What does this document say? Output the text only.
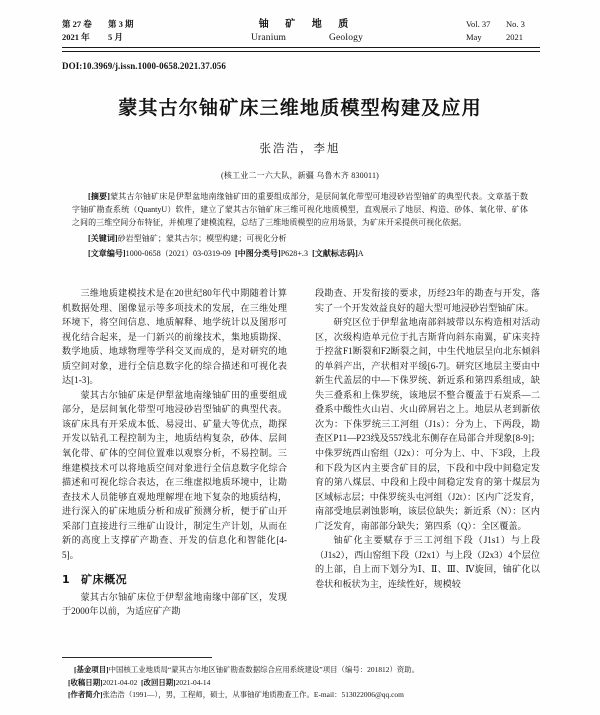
第 27 卷	第 3 期
2021 年	5 月
铀 矿 地 质
Uranium	Geology
Vol. 37	No. 3
May	2021
DOI:10.3969/j.issn.1000-0658.2021.37.056
蒙其古尔铀矿床三维地质模型构建及应用
张浩浩，李旭
(核工业二一六大队，新疆 乌鲁木齐 830011)

[摘要]蒙其古尔铀矿床是伊犁盆地南缘铀矿田的重要组成部分，是层间氧化带型可地浸砂岩型铀矿的典型代表。文章基于数字铀矿勘查系统（QuantyU）软件，建立了蒙其古尔铀矿床三维可视化地质模型，直观展示了地层、构造、砂体、氧化带、矿体之间的三维空间分布特征，并梳理了建模流程，总结了三维地质模型的应用场景，为矿床开采提供可视化依据。

[关键词]砂岩型铀矿；蒙其古尔；模型构建；可视化分析

[文章编号]1000-0658（2021）03-0319-09 [中图分类号]P628+.3 [文献标志码]A

三维地质建模技术是在20世纪80年代中期随着计算机数据处理、图像显示等多项技术的发展，在三维处理环境下，将空间信息、地质解释、地学统计以及图形可视化结合起来，是一门新兴的前缘技术，集地质勘探、数学地质、地球物理等学科交叉而成的，是对研究的地质空间对象，进行全信息数字化的综合描述和可视化表达[1-3]。

蒙其古尔铀矿床是伊犁盆地南缘铀矿田的重要组成部分，是层间氧化带型可地浸砂岩型铀矿的典型代表。该矿床具有开采成本低、易浸出、矿量大等优点，勘探开发以钻孔工程控制为主，地质结构复杂，砂体、层间氧化带、矿体的空间位置难以观察分析，不易控制。三维建模技术可以将地质空间对象进行全信息数字化综合描述和可视化综合表达，在三维虚拟地质环境中，让勘查技术人员能够直观地理解埋在地下复杂的地质结构，进行深入的矿床地质分析和成矿预测分析，便于矿山开采部门直接进行三维矿山设计，制定生产计划，从而在新的高度上支撑矿产勘查、开发的信息化和智能化[4-5]。

1 矿床概况

蒙其古尔铀矿床位于伊犁盆地南缘中部矿区，发现于2000年以前，为适应矿产勘

段勘查、开发衔接的要求，历经23年的勘查与开发，落实了一个开发效益良好的超大型可地浸砂岩型铀矿床。

研究区位于伊犁盆地南部斜坡带以东构造相对活动区，次级构造单元位于扎吉斯背向斜东南翼，矿床夹持于控盆F1断裂和F2断裂之间，中生代地层呈向北东倾斜的单斜产出，产状相对平缓[6-7]。研究区地层主要由中新生代盖层的中—下侏罗统、新近系和第四系组成，缺失三叠系和上侏罗统，该地层不整合覆盖于石炭系—二叠系中酸性火山岩、火山碎屑岩之上。地层从老到新依次为：下侏罗统三工河组（J1s）：分为上、下两段，勘查区P11—P23线及557线北东侧存在局部合并现象[8-9]；中侏罗统西山窑组（J2x）：可分为上、中、下3段，上段和下段为区内主要含矿目的层，下段和中段中间稳定发育的第八煤层、中段和上段中间稳定发育的第十煤层为区域标志层；中侏罗统头屯河组（J2t）：区内广泛发育，南部受地层剥蚀影响，该层位缺失；新近系（N）：区内广泛发育，南部部分缺失；第四系（Q）：全区覆盖。

铀矿化主要赋存于三工河组下段（J1s1）与上段（J1s2），西山窑组下段（J2x1）与上段（J2x3）4个层位的上部，自上而下划分为Ⅰ、Ⅱ、Ⅲ、Ⅳ旋回，铀矿化以卷状和板状为主，连续性好，规模较

[基金项目]中国核工业地质局“蒙其古尔地区铀矿勘查数据综合应用系统建设”项目（编号：201812）资助。

[收稿日期]2021-04-02 [改回日期]2021-04-14

[作者简介]张浩浩（1991—），男，工程师，硕士，从事铀矿地质勘查工作。E-mail：513022006@qq.com
